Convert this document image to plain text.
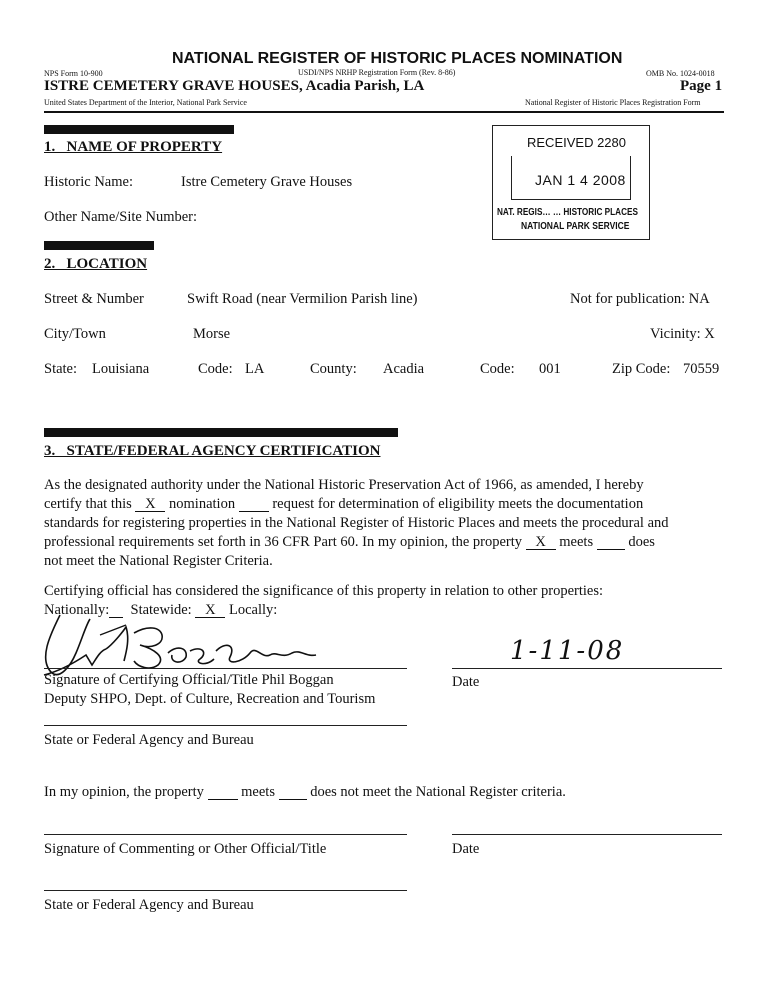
NATIONAL REGISTER OF HISTORIC PLACES NOMINATION
NPS Form 10-900	USDI/NPS NRHP Registration Form (Rev. 8-86)	OMB No. 1024-0018
ISTRE CEMETERY GRAVE HOUSES, Acadia Parish, LA	Page 1
United States Department of the Interior, National Park Service	National Register of Historic Places Registration Form
RECEIVED 2280
JAN 1 4 2008
NAT. REGIS… … HISTORIC PLACES
NATIONAL PARK SERVICE
1.   NAME OF PROPERTY
Historic Name:	Istre Cemetery Grave Houses
Other Name/Site Number:
2.   LOCATION
Street & Number	Swift Road (near Vermilion Parish line)	Not for publication: NA
City/Town	Morse	Vicinity: X
State: Louisiana	Code: LA	County: Acadia	Code: 001	Zip Code: 70559
3.   STATE/FEDERAL AGENCY CERTIFICATION
As the designated authority under the National Historic Preservation Act of 1966, as amended, I hereby
certify that this X nomination	request for determination of eligibility meets the documentation
standards for registering properties in the National Register of Historic Places and meets the procedural and
professional requirements set forth in 36 CFR Part 60. In my opinion, the property X meets does
not meet the National Register Criteria.
Certifying official has considered the significance of this property in relation to other properties:
Nationally: Statewide: X Locally:
Signature of Certifying Official/Title Phil Boggan
Deputy SHPO, Dept. of Culture, Recreation and Tourism
1-11-08
Date
State or Federal Agency and Bureau
In my opinion, the property	meets does not meet the National Register criteria.
Signature of Commenting or Other Official/Title	Date
State or Federal Agency and Bureau
